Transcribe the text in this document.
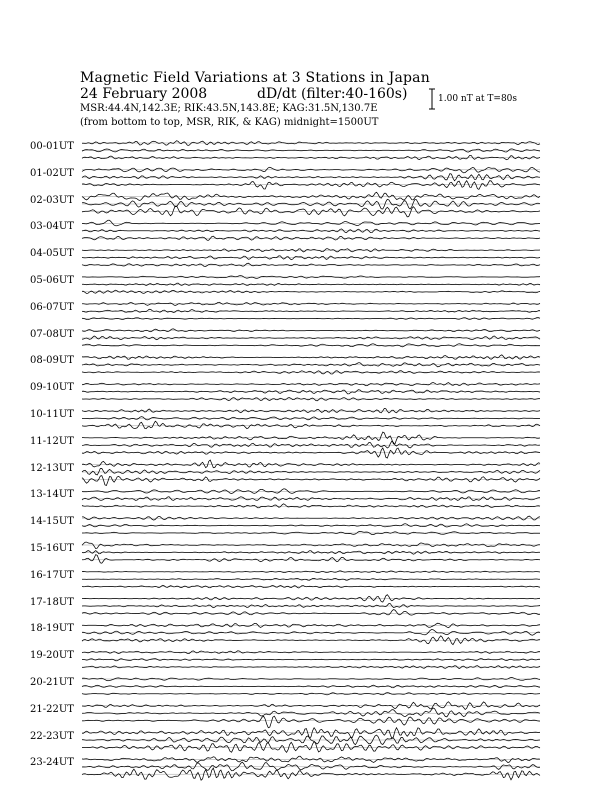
Magnetic Field Variations at 3 Stations in Japan
24 February 2008	dD/dt (filter:40-160s)
MSR:44.4N,142.3E; RIK:43.5N,143.8E; KAG:31.5N,130.7E
(from bottom to top, MSR, RIK, & KAG) midnight=1500UT
1.00 nT at T=80s
00-01UT
01-02UT
02-03UT
03-04UT
04-05UT
05-06UT
06-07UT
07-08UT
08-09UT
09-10UT
10-11UT
11-12UT
12-13UT
13-14UT
14-15UT
15-16UT
16-17UT
17-18UT
18-19UT
19-20UT
20-21UT
21-22UT
22-23UT
23-24UT
